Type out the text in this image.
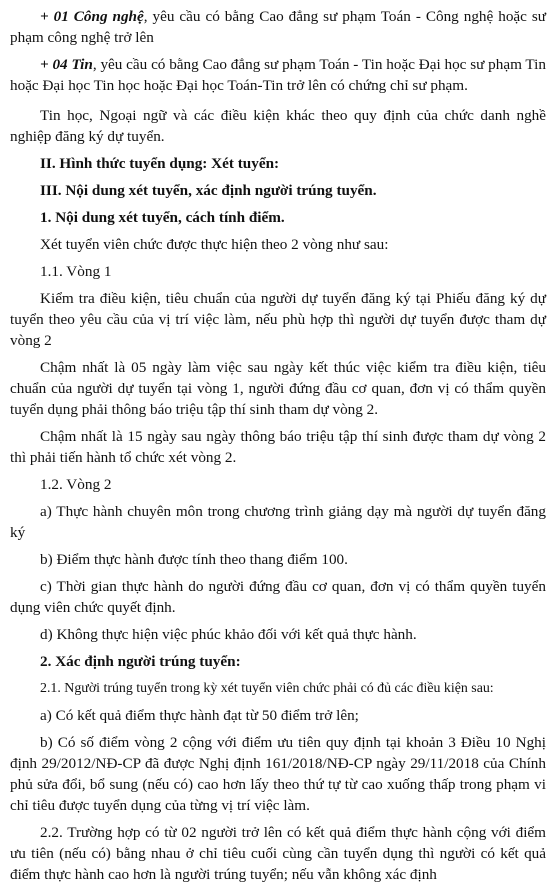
+ 01 Công nghệ, yêu cầu có bằng Cao đẳng sư phạm Toán - Công nghệ hoặc sư phạm công nghệ trở lên

+ 04 Tin, yêu cầu có bằng Cao đẳng sư phạm Toán - Tin hoặc Đại học sư phạm Tin hoặc Đại học Tin học hoặc Đại học Toán-Tin trở lên có chứng chỉ sư phạm.

Tin học, Ngoại ngữ và các điều kiện khác theo quy định của chức danh nghề nghiệp đăng ký dự tuyển.

II. Hình thức tuyển dụng: Xét tuyển:

III. Nội dung xét tuyển, xác định người trúng tuyển.

1. Nội dung xét tuyển, cách tính điểm.

Xét tuyển viên chức được thực hiện theo 2 vòng như sau:

1.1. Vòng 1

Kiểm tra điều kiện, tiêu chuẩn của người dự tuyển đăng ký tại Phiếu đăng ký dự tuyển theo yêu cầu của vị trí việc làm, nếu phù hợp thì người dự tuyển được tham dự vòng 2

Chậm nhất là 05 ngày làm việc sau ngày kết thúc việc kiểm tra điều kiện, tiêu chuẩn của người dự tuyển tại vòng 1, người đứng đầu cơ quan, đơn vị có thẩm quyền tuyển dụng phải thông báo triệu tập thí sinh tham dự vòng 2.

Chậm nhất là 15 ngày sau ngày thông báo triệu tập thí sinh được tham dự vòng 2 thì phải tiến hành tổ chức xét vòng 2.

1.2. Vòng 2

a) Thực hành chuyên môn trong chương trình giảng dạy mà người dự tuyển đăng ký

b) Điểm thực hành được tính theo thang điểm 100.

c) Thời gian thực hành do người đứng đầu cơ quan, đơn vị có thẩm quyền tuyển dụng viên chức quyết định.

d) Không thực hiện việc phúc khảo đối với kết quả thực hành.

2. Xác định người trúng tuyển:

2.1. Người trúng tuyển trong kỳ xét tuyển viên chức phải có đủ các điều kiện sau:

a) Có kết quả điểm thực hành đạt từ 50 điểm trở lên;

b) Có số điểm vòng 2 cộng với điểm ưu tiên quy định tại khoản 3 Điều 10 Nghị định 29/2012/NĐ-CP đã được Nghị định 161/2018/NĐ-CP ngày 29/11/2018 của Chính phủ sửa đổi, bổ sung (nếu có) cao hơn lấy theo thứ tự từ cao xuống thấp trong phạm vi chỉ tiêu được tuyển dụng của từng vị trí việc làm.

2.2. Trường hợp có từ 02 người trở lên có kết quả điểm thực hành cộng với điểm ưu tiên (nếu có) bằng nhau ở chỉ tiêu cuối cùng cần tuyển dụng thì người có kết quả điểm thực hành cao hơn là người trúng tuyển; nếu vẫn không xác định
